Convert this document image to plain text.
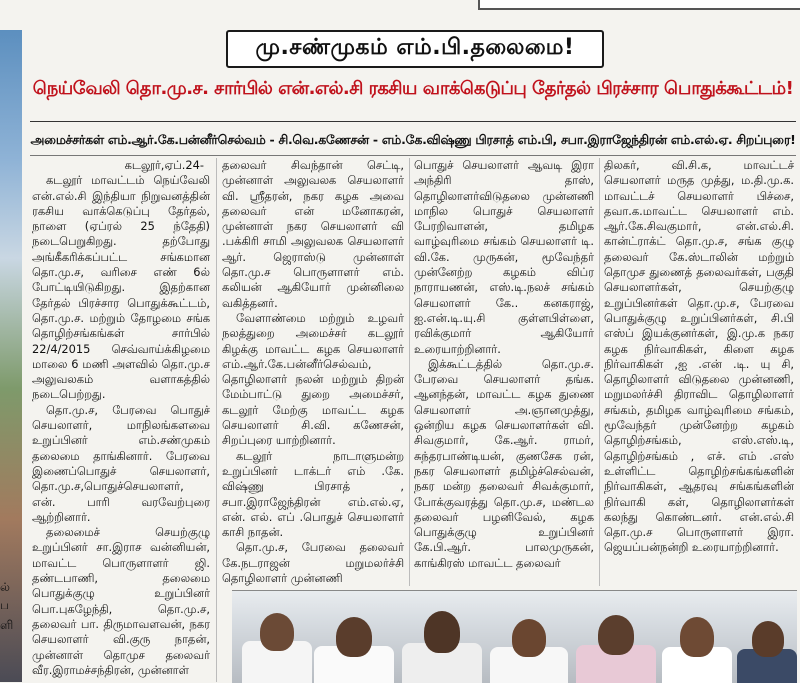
ல்
ப
ளி
மு.சண்முகம் எம்.பி.தலைமை!
நெய்வேலி தொ.மு.ச. சார்பில் என்.எல்.சி ரகசிய வாக்கெடுப்பு தேர்தல் பிரச்சார பொதுக்கூட்டம்!
அமைச்சர்கள் எம்.ஆர்.கே.பன்னீர்செல்வம் - சி.வெ.கணேசன் - எம்.கே.விஷ்ணு பிரசாத் எம்.பி, சபா.இராஜேந்திரன் எம்.எல்.ஏ. சிறப்புரை!

கடலூர்,ஏப்.24-

கடலூர் மாவட்டம் நெய்வேலி என்.எல்.சி இந்தியா நிறுவனத்தின் ரகசிய வாக்கெடுப்பு தேர்தல், நாளை (ஏப்ரல் 25 ந்தேதி) நடைபெறுகிறது. தற்போது அங்கீகரிக்கப்பட்ட சங்கமான தொ.மு.ச, வரிசை எண் 6ல் போட்டியிடுகிறது. இதற்கான தேர்தல் பிரச்சார பொதுக்கூட்டம், தொ.மு.ச. மற்றும் தோழமை சங்க தொழிற்சங்கங்கள் சார்பில் 22/4/2015 செவ்வாய்க்கிழமை மாலை 6 மணி அளவில் தொ.மு.ச அலுவலகம் வளாகத்தில் நடைபெற்றது.

தொ.மு.ச, பேரவை பொதுச் செயலாளர், மாநிலங்களவை உறுப்பினர் எம்.சண்முகம் தலைமை தாங்கினார். பேரவை இணைப்பொதுச் செயலாளர், தொ.மு.ச,பொதுச்செயலாளர், என். பாரி வரவேற்புரை ஆற்றினார்.

தலைமைச் செயற்குழு உறுப்பினர் சா.இராச வன்னியன், மாவட்ட பொருளாளர் ஜி. தண்டபாணி, தலைமை பொதுக்குழு உறுப்பினர் பொ.புகழேந்தி, தொ.மு.ச, தலைவர் பா. திருமாவளவன், நகர செயலாளர் வி.குரு நாதன், முன்னாள் தொமுச தலைவர் வீர.இராமச்சந்திரன், முன்னாள்

தலைவர் சிவந்தான் செட்டி, முன்னாள் அலுவலக செயலாளர் வி. ஸ்ரீதரன், நகர கழக அவை தலைவர் என் மனோகரன், முன்னாள் நகர செயலாளர் வி .பக்கிரி சாமி அலுவலக செயலாளர் ஆர். ஜெராஸ்டு முன்னாள் தொ.மு.ச பொருளாளர் எம். கலியன் ஆகியோர் முன்னிலை வகித்தனர்.

வேளாண்மை மற்றும் உழவர் நலத்துறை அமைச்சர் கடலூர் கிழக்கு மாவட்ட கழக செயலாளர் எம்.ஆர்.கே.பன்னீர்செல்வம், தொழிலாளர் நலன் மற்றும் திறன் மேம்பாட்டு துறை அமைச்சர், கடலூர் மேற்கு மாவட்ட கழக செயலாளர் சி.வி. கணேசன், சிறப்புரை யாற்றினார்.

கடலூர் நாடாளுமன்ற உறுப்பினர் டாக்டர் எம் .கே. விஷ்ணு பிரசாத் , சபா.இராஜேந்திரன் எம்.எல்.ஏ, என். எல். எப் .பொதுச் செயலாளர் காசி நாதன்.

தொ.மு.ச, பேரவை தலைவர் கே.நடராஜன் மறுமலர்ச்சி தொழிலாளர் முன்னணி

பொதுச் செயலாளர் ஆவடி இரா அந்திரி தாஸ், தொழிலாளர்விடுதலை முன்னணி மாநில பொதுச் செயலாளர் பேரறிவாளன், தமிழக வாழ்வுரிமை சங்கம் செயலாளர் டி. வி.கே. முருகன், மூவேந்தர் முன்னேற்ற கழகம் விப்ர நாராயணன், எஸ்.டி.நலச் சங்கம் செயலாளர் கே.. கனகராஜ், ஐ.என்.டி.யு.சி குள்ளபிள்ளை, ரவிக்குமார் ஆகியோர் உரையாற்றினார்.

இக்கூட்டத்தில் தொ.மு.ச. பேரவை செயலாளர் தங்க. ஆனந்தன், மாவட்ட கழக துணை செயலாளர் அ.ஞானமுத்து, ஒன்றிய கழக செயலாளர்கள் வி. சிவகுமார், கே.ஆர். ராமர், சுந்தரபாண்டியன், குணசேக ரன், நகர செயலாளர் தமிழ்ச்செல்வன், நகர மன்ற தலைவர் சிவக்குமார், போக்குவரத்து தொ.மு.ச, மண்டல தலைவர் பழனிவேல், கழக பொதுக்குழு உறுப்பினர் கே.பி.ஆர். பாலமுருகன், காங்கிரஸ் மாவட்ட தலைவர்

திலகர், வி.சி.க, மாவட்டச் செயலாளர் மருத முத்து, ம.தி.மு.க. மாவட்டச் செயலாளர் பிச்சை, தவா.க.மாவட்ட செயலாளர் எம். ஆர்.கே.சிவகுமார், என்.எல்.சி. கான்ட்ராக்ட் தொ.மு.ச, சங்க குழு தலைவர் கே.ஸ்டாலின் மற்றும் தொமுச துணைத் தலைவர்கள், பகுதி செயலாளர்கள், செயற்குழு உறுப்பினர்கள் தொ.மு.ச, பேரவை பொதுக்குழு உறுப்பினர்கள், சி.பி எஸ்ப் இயக்குனர்கள், இ.மு.க நகர கழக நிர்வாகிகள், கிளை கழக நிர்வாகிகள் ,ஐ .என் .டி. யு சி, தொழிலாளர் விடுதலை முன்னணி, மறுமலர்ச்சி திராவிட தொழிலாளர் சங்கம், தமிழக வாழ்வுரிமை சங்கம், மூவேந்தர் முன்னேற்ற கழகம் தொழிற்சங்கம், எஸ்.எஸ்.டி, தொழிற்சங்கம் , எச். எம் .எஸ் உள்ளிட்ட தொழிற்சங்கங்களின் நிர்வாகிகள், ஆதரவு சங்கங்களின் நிர்வாகி கள், தொழிலாளர்கள் கலந்து கொண்டனர். என்.எல்.சி தொ.மு.ச பொருளாளர் இரா. ஜெயப்பன்நன்றி உரையாற்றினார்.
